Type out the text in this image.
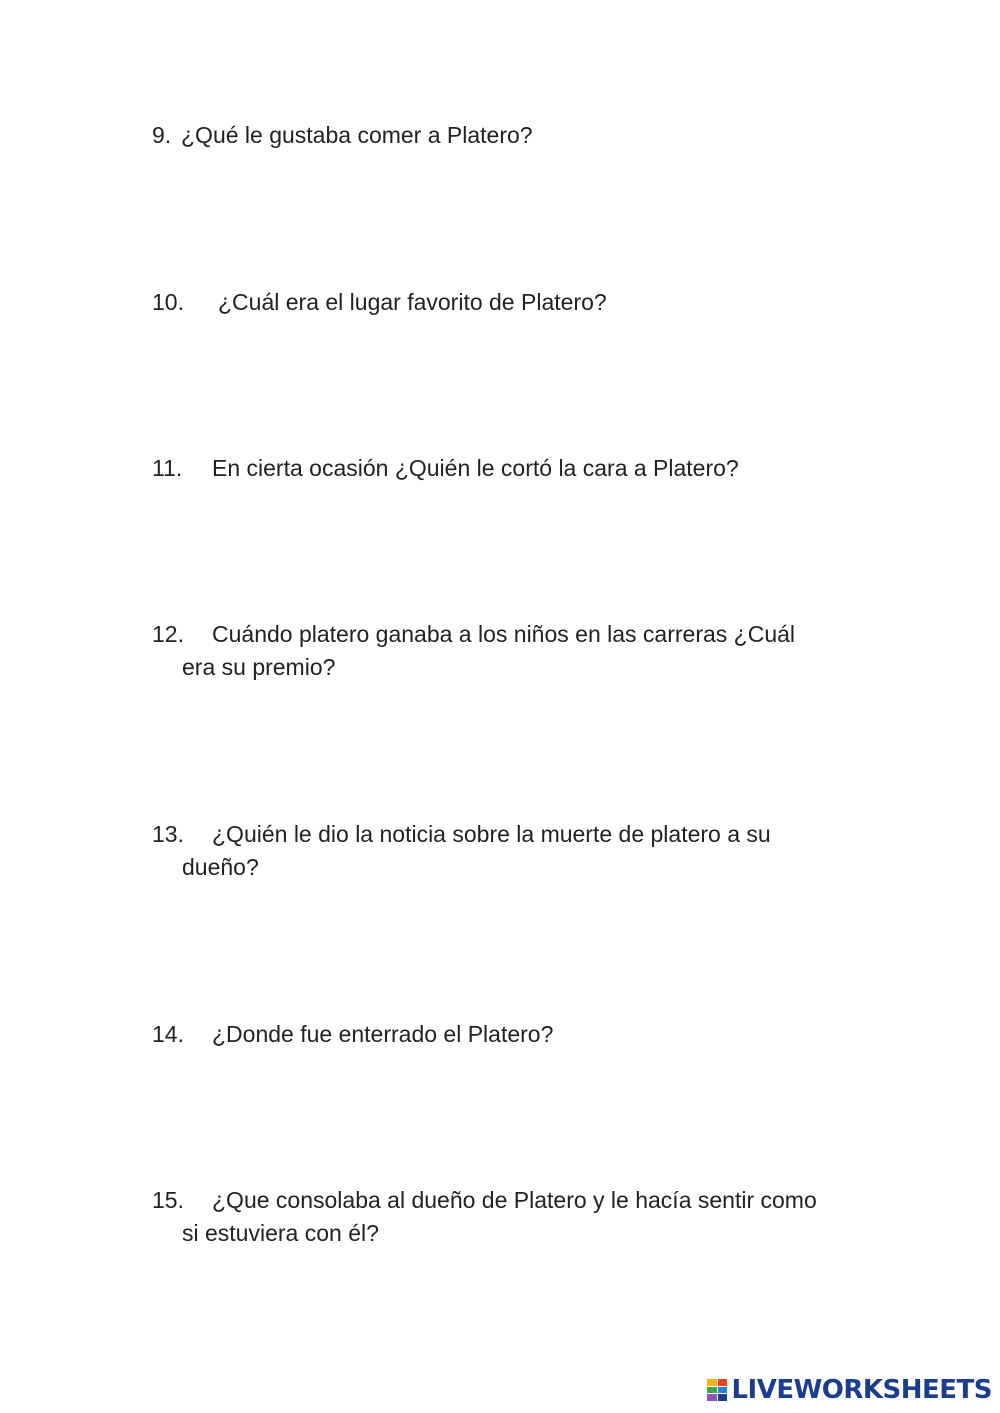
9. ¿Qué le gustaba comer a Platero?
10.	¿Cuál era el lugar favorito de Platero?
11.	En cierta ocasión ¿Quién le cortó la cara a Platero?
12.	Cuándo platero ganaba a los niños en las carreras ¿Cuál
era su premio?
13.	¿Quién le dio la noticia sobre la muerte de platero a su
dueño?
14.	¿Donde fue enterrado el Platero?
15.	¿Que consolaba al dueño de Platero y le hacía sentir como
si estuviera con él?
LIVEWORKSHEETS
